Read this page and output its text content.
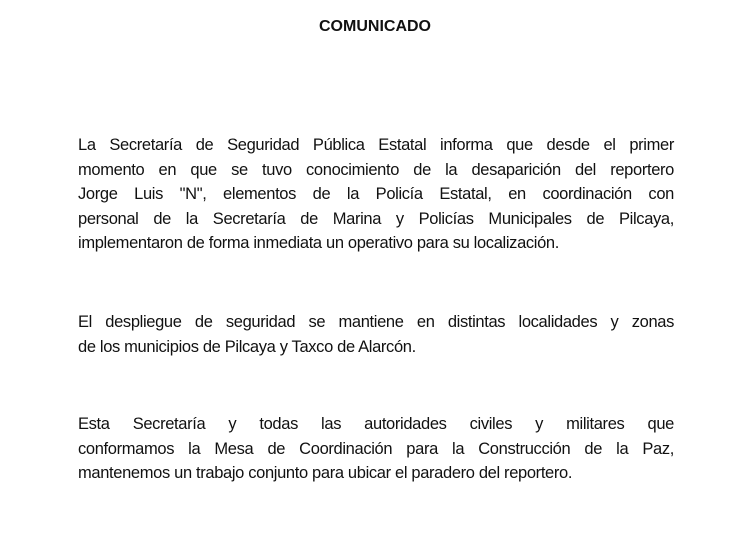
COMUNICADO
La Secretaría de Seguridad Pública Estatal informa que desde el primer
momento en que se tuvo conocimiento de la desaparición del reportero
Jorge Luis "N", elementos de la Policía Estatal, en coordinación con
personal de la Secretaría de Marina y Policías Municipales de Pilcaya,
implementaron de forma inmediata un operativo para su localización.
El despliegue de seguridad se mantiene en distintas localidades y zonas
de los municipios de Pilcaya y Taxco de Alarcón.
Esta Secretaría y todas las autoridades civiles y militares que
conformamos la Mesa de Coordinación para la Construcción de la Paz,
mantenemos un trabajo conjunto para ubicar el paradero del reportero.
